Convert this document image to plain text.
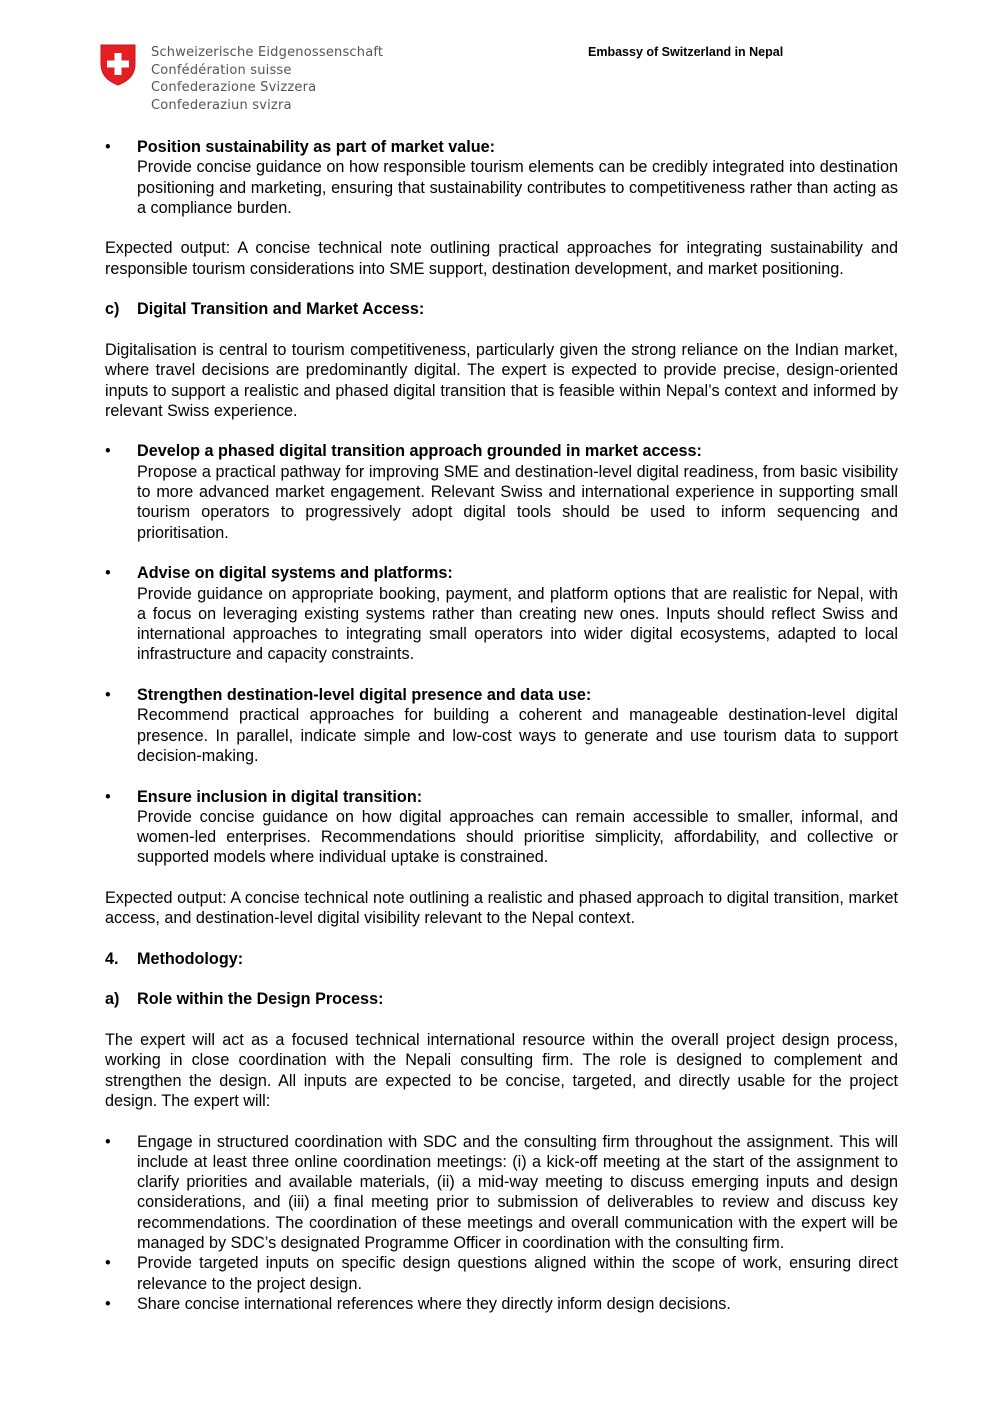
Schweizerische Eidgenossenschaft
Confédération suisse
Confederazione Svizzera
Confederaziun svizra
Embassy of Switzerland in Nepal
•	Position sustainability as part of market value:
Provide concise guidance on how responsible tourism elements can be credibly integrated into destination positioning and marketing, ensuring that sustainability contributes to competitiveness rather than acting as a compliance burden.

Expected output: A concise technical note outlining practical approaches for integrating sustainability and responsible tourism considerations into SME support, destination development, and market positioning.

c) Digital Transition and Market Access:

Digitalisation is central to tourism competitiveness, particularly given the strong reliance on the Indian market, where travel decisions are predominantly digital. The expert is expected to provide precise, design-oriented inputs to support a realistic and phased digital transition that is feasible within Nepal’s context and informed by relevant Swiss experience.

•	Develop a phased digital transition approach grounded in market access:
Propose a practical pathway for improving SME and destination-level digital readiness, from basic visibility to more advanced market engagement. Relevant Swiss and international experience in supporting small tourism operators to progressively adopt digital tools should be used to inform sequencing and prioritisation.
•	Advise on digital systems and platforms:
Provide guidance on appropriate booking, payment, and platform options that are realistic for Nepal, with a focus on leveraging existing systems rather than creating new ones. Inputs should reflect Swiss and international approaches to integrating small operators into wider digital ecosystems, adapted to local infrastructure and capacity constraints.
•	Strengthen destination-level digital presence and data use:
Recommend practical approaches for building a coherent and manageable destination-level digital presence. In parallel, indicate simple and low-cost ways to generate and use tourism data to support decision-making.
•	Ensure inclusion in digital transition:
Provide concise guidance on how digital approaches can remain accessible to smaller, informal, and women-led enterprises. Recommendations should prioritise simplicity, affordability, and collective or supported models where individual uptake is constrained.

Expected output: A concise technical note outlining a realistic and phased approach to digital transition, market access, and destination-level digital visibility relevant to the Nepal context.

4. Methodology:
a) Role within the Design Process:

The expert will act as a focused technical international resource within the overall project design process, working in close coordination with the Nepali consulting firm. The role is designed to complement and strengthen the design. All inputs are expected to be concise, targeted, and directly usable for the project design. The expert will:

•	Engage in structured coordination with SDC and the consulting firm throughout the assignment. This will include at least three online coordination meetings: (i) a kick-off meeting at the start of the assignment to clarify priorities and available materials, (ii) a mid-way meeting to discuss emerging inputs and design considerations, and (iii) a final meeting prior to submission of deliverables to review and discuss key recommendations. The coordination of these meetings and overall communication with the expert will be managed by SDC’s designated Programme Officer in coordination with the consulting firm.
•	Provide targeted inputs on specific design questions aligned within the scope of work, ensuring direct relevance to the project design.
•	Share concise international references where they directly inform design decisions.
